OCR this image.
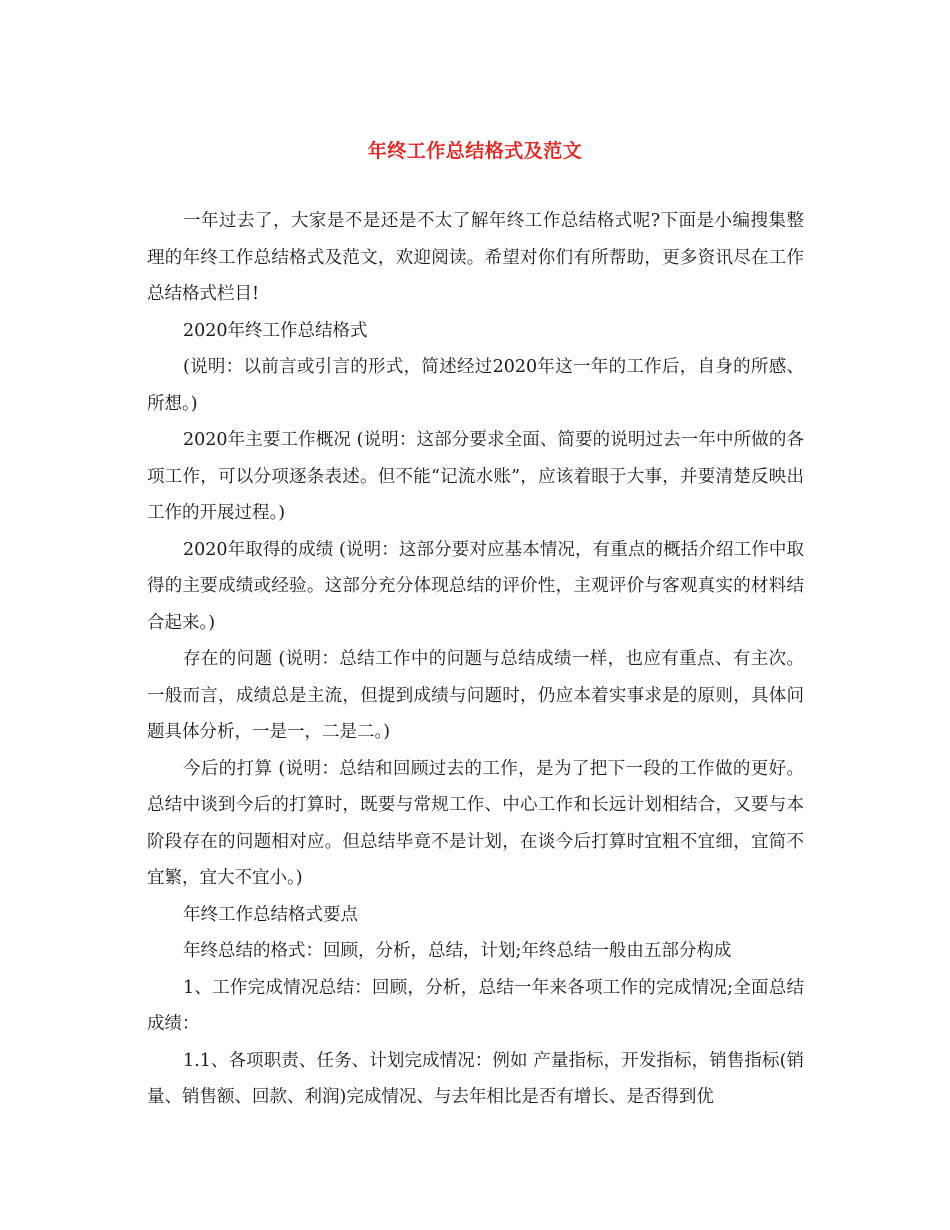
年终工作总结格式及范文

一年过去了，大家是不是还是不太了解年终工作总结格式呢?下面是小编搜集整理的年终工作总结格式及范文，欢迎阅读。希望对你们有所帮助，更多资讯尽在工作总结格式栏目!

2020年终工作总结格式

(说明：以前言或引言的形式，简述经过2020年这一年的工作后，自身的所感、所想。)

2020年主要工作概况 (说明：这部分要求全面、简要的说明过去一年中所做的各项工作，可以分项逐条表述。但不能“记流水账”，应该着眼于大事，并要清楚反映出工作的开展过程。)

2020年取得的成绩 (说明：这部分要对应基本情况，有重点的概括介绍工作中取得的主要成绩或经验。这部分充分体现总结的评价性，主观评价与客观真实的材料结合起来。)

存在的问题 (说明：总结工作中的问题与总结成绩一样，也应有重点、有主次。一般而言，成绩总是主流，但提到成绩与问题时，仍应本着实事求是的原则，具体问题具体分析，一是一，二是二。)

今后的打算 (说明：总结和回顾过去的工作，是为了把下一段的工作做的更好。总结中谈到今后的打算时，既要与常规工作、中心工作和长远计划相结合，又要与本阶段存在的问题相对应。但总结毕竟不是计划，在谈今后打算时宜粗不宜细，宜简不宜繁，宜大不宜小。)

年终工作总结格式要点

年终总结的格式：回顾，分析，总结，计划;年终总结一般由五部分构成

1、工作完成情况总结：回顾，分析，总结一年来各项工作的完成情况;全面总结成绩：

1.1、各项职责、任务、计划完成情况：例如 产量指标，开发指标，销售指标(销量、销售额、回款、利润)完成情况、与去年相比是否有增长、是否得到优
